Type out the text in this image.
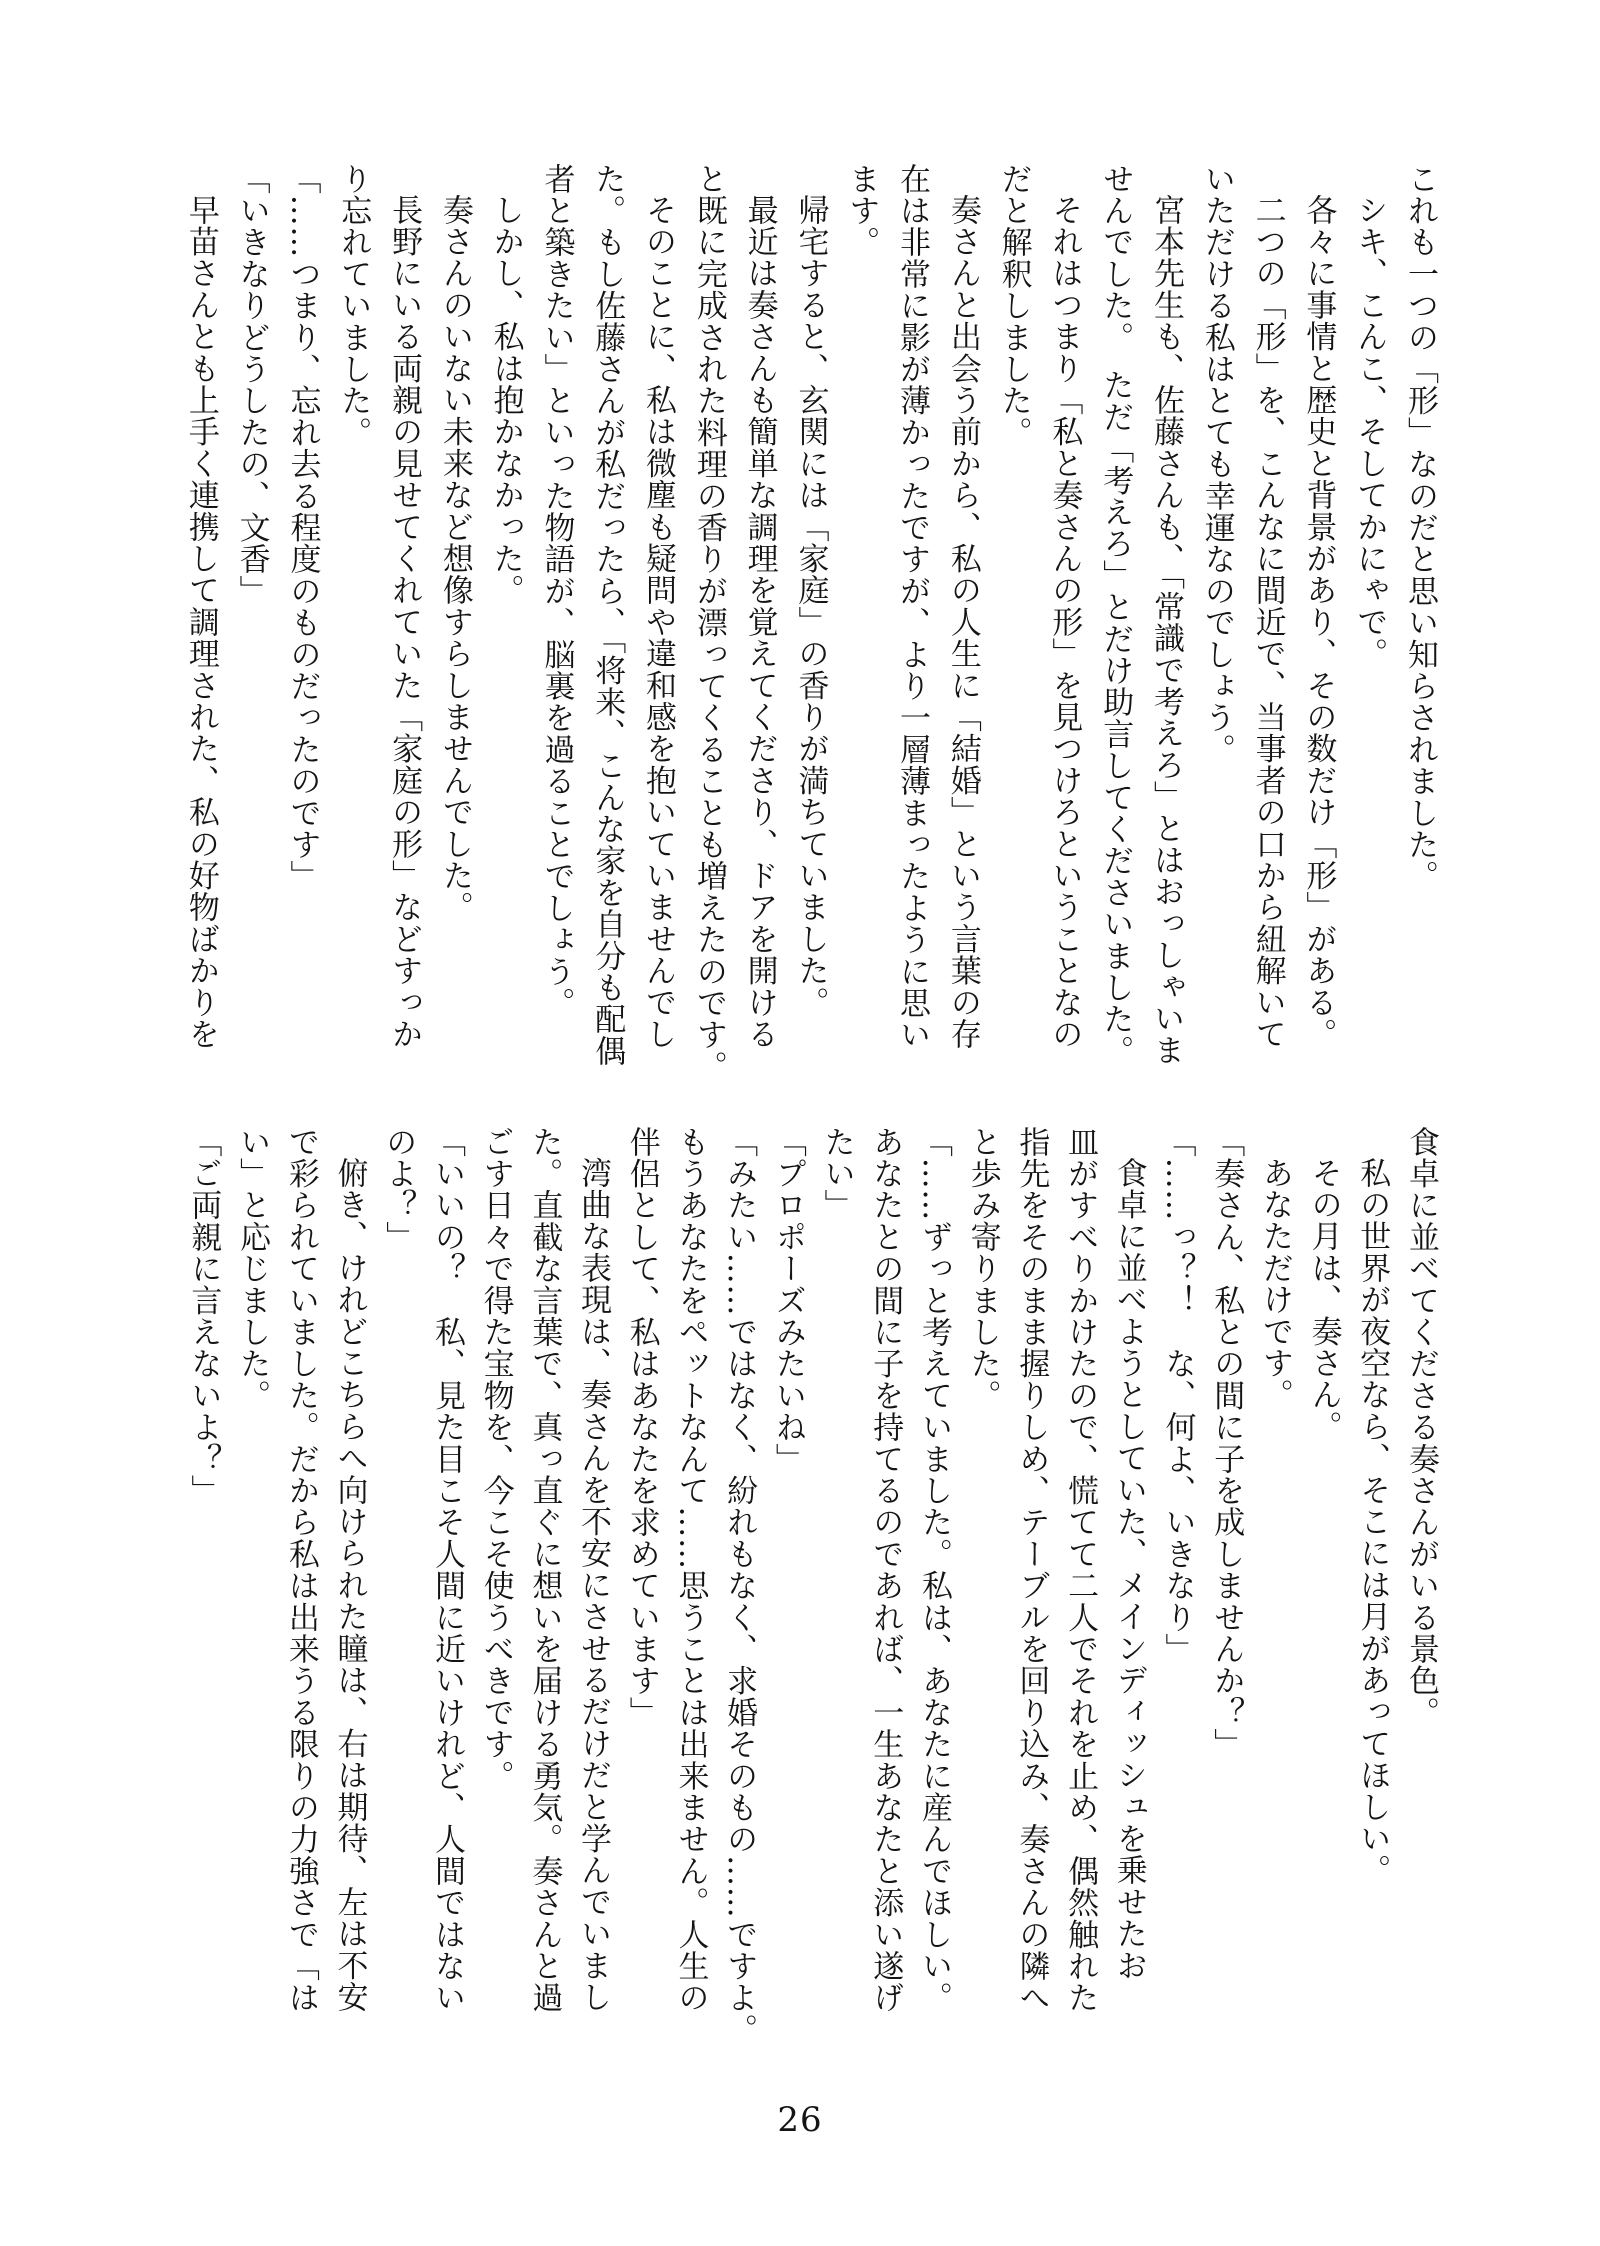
これも一つの「形」なのだと思い知らされました。

シキ、こんこ、そしてかにゃで。

各々に事情と歴史と背景があり、その数だけ「形」がある。

二つの「形」を、こんなに間近で、当事者の口から紐解いて

いただける私はとても幸運なのでしょう。

宮本先生も、佐藤さんも、「常識で考えろ」とはおっしゃいま

せんでした。　ただ「考えろ」とだけ助言してくださいました。

それはつまり「私と奏さんの形」を見つけろということなの

だと解釈しました。

奏さんと出会う前から、私の人生に「結婚」という言葉の存

在は非常に影が薄かったですが、より一層薄まったように思い

ます。

帰宅すると、玄関には「家庭」の香りが満ちていました。

最近は奏さんも簡単な調理を覚えてくださり、ドアを開ける

と既に完成された料理の香りが漂ってくることも増えたのです。

そのことに、私は微塵も疑問や違和感を抱いていませんでし

た。もし佐藤さんが私だったら、「将来、こんな家を自分も配偶

者と築きたい」といった物語が、脳裏を過ることでしょう。

しかし、私は抱かなかった。

奏さんのいない未来など想像すらしませんでした。

長野にいる両親の見せてくれていた「家庭の形」などすっか

り忘れていました。

「……つまり、忘れ去る程度のものだったのです」

「いきなりどうしたの、文香」

早苗さんとも上手く連携して調理された、私の好物ばかりを

食卓に並べてくださる奏さんがいる景色。

私の世界が夜空なら、そこには月があってほしい。

その月は、奏さん。

あなただけです。

「奏さん、私との間に子を成しませんか？」

「……っ？！　な、何よ、いきなり」

食卓に並べようとしていた、メインディッシュを乗せたお

皿がすべりかけたので、慌てて二人でそれを止め、偶然触れた

指先をそのまま握りしめ、テーブルを回り込み、奏さんの隣へ

と歩み寄りました。

「……ずっと考えていました。私は、あなたに産んでほしい。

あなたとの間に子を持てるのであれば、一生あなたと添い遂げ

たい」

「プロポーズみたいね」

「みたい……ではなく、紛れもなく、求婚そのもの……ですよ。

もうあなたをペットなんて……思うことは出来ません。人生の

伴侶として、私はあなたを求めています」

湾曲な表現は、奏さんを不安にさせるだけだと学んでいまし

た。直截な言葉で、真っ直ぐに想いを届ける勇気。奏さんと過

ごす日々で得た宝物を、今こそ使うべきです。

「いいの？　私、見た目こそ人間に近いけれど、人間ではない

のよ？」

俯き、けれどこちらへ向けられた瞳は、右は期待、左は不安

で彩られていました。だから私は出来うる限りの力強さで「は

い」と応じました。

「ご両親に言えないよ？」

26
